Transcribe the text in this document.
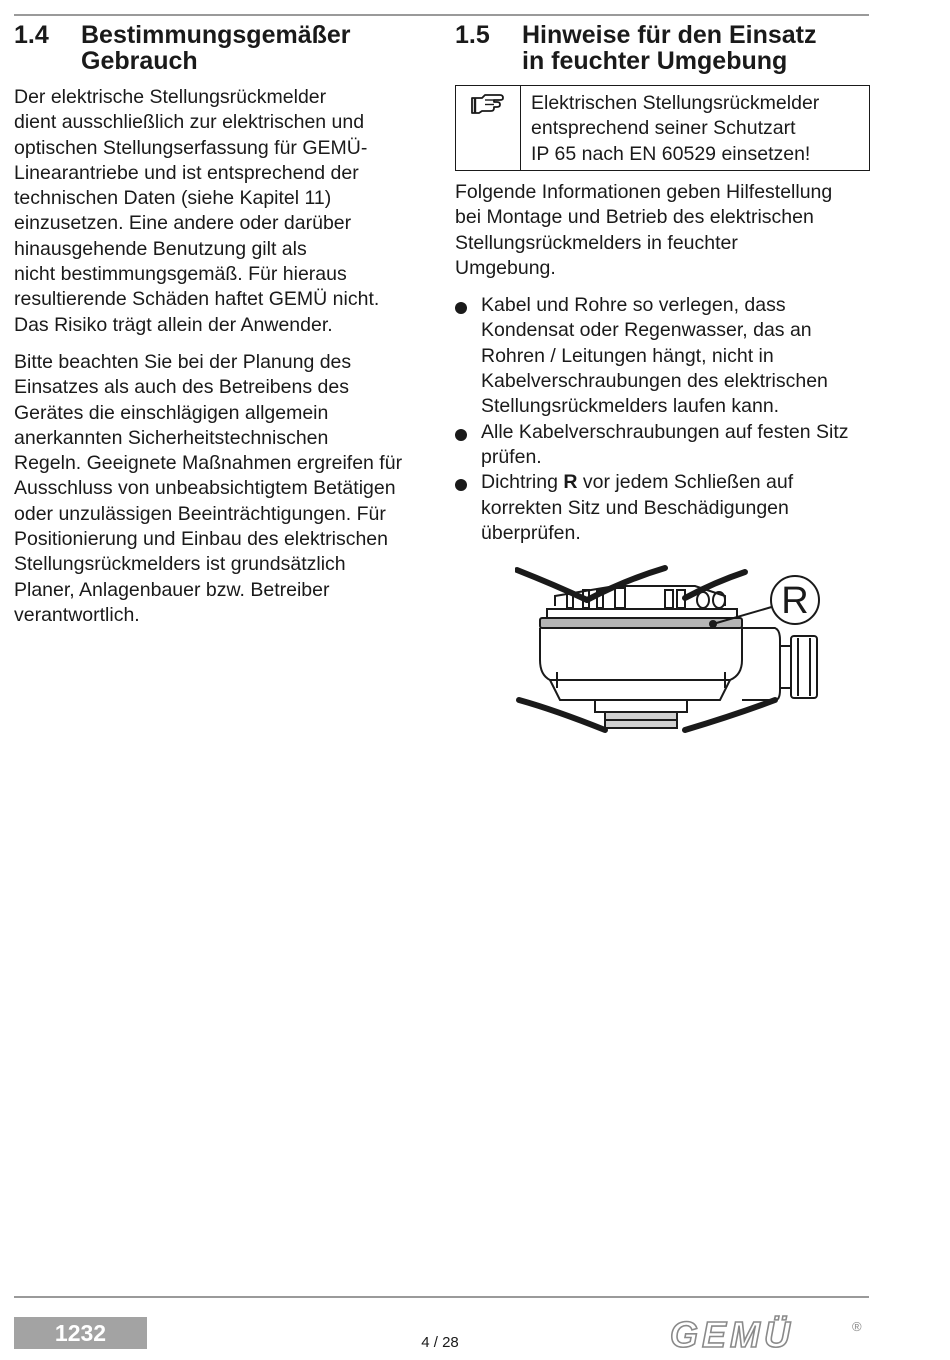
1.4	Bestimmungsgemäßer
Gebrauch

Der elektrische Stellungsrückmelder
dient ausschließlich zur elektrischen und
optischen Stellungserfassung für GEMÜ-
Linearantriebe und ist entsprechend der
technischen Daten (siehe Kapitel 11)
einzusetzen. Eine andere oder darüber
hinausgehende Benutzung gilt als
nicht bestimmungsgemäß. Für hieraus
resultierende Schäden haftet GEMÜ nicht.
Das Risiko trägt allein der Anwender.

Bitte beachten Sie bei der Planung des
Einsatzes als auch des Betreibens des
Gerätes die einschlägigen allgemein
anerkannten Sicherheitstechnischen
Regeln. Geeignete Maßnahmen ergreifen für
Ausschluss von unbeabsichtigtem Betätigen
oder unzulässigen Beeinträchtigungen. Für
Positionierung und Einbau des elektrischen
Stellungsrückmelders ist grundsätzlich
Planer, Anlagenbauer bzw. Betreiber
verantwortlich.

1.5	Hinweise für den Einsatz
in feuchter Umgebung
Elektrischen Stellungsrückmelder
entsprechend seiner Schutzart
IP 65 nach EN 60529 einsetzen!

Folgende Informationen geben Hilfestellung
bei Montage und Betrieb des elektrischen
Stellungsrückmelders in feuchter
Umgebung.

Kabel und Rohre so verlegen, dass Kondensat oder Regenwasser, das an Rohren / Leitungen hängt, nicht in Kabelverschraubungen des elektrischen Stellungsrückmelders laufen kann.
Alle Kabelverschraubungen auf festen Sitz prüfen.
Dichtring R vor jedem Schließen auf korrekten Sitz und Beschädigungen überprüfen.
R
1232	4 / 28	GEMÜ	®
